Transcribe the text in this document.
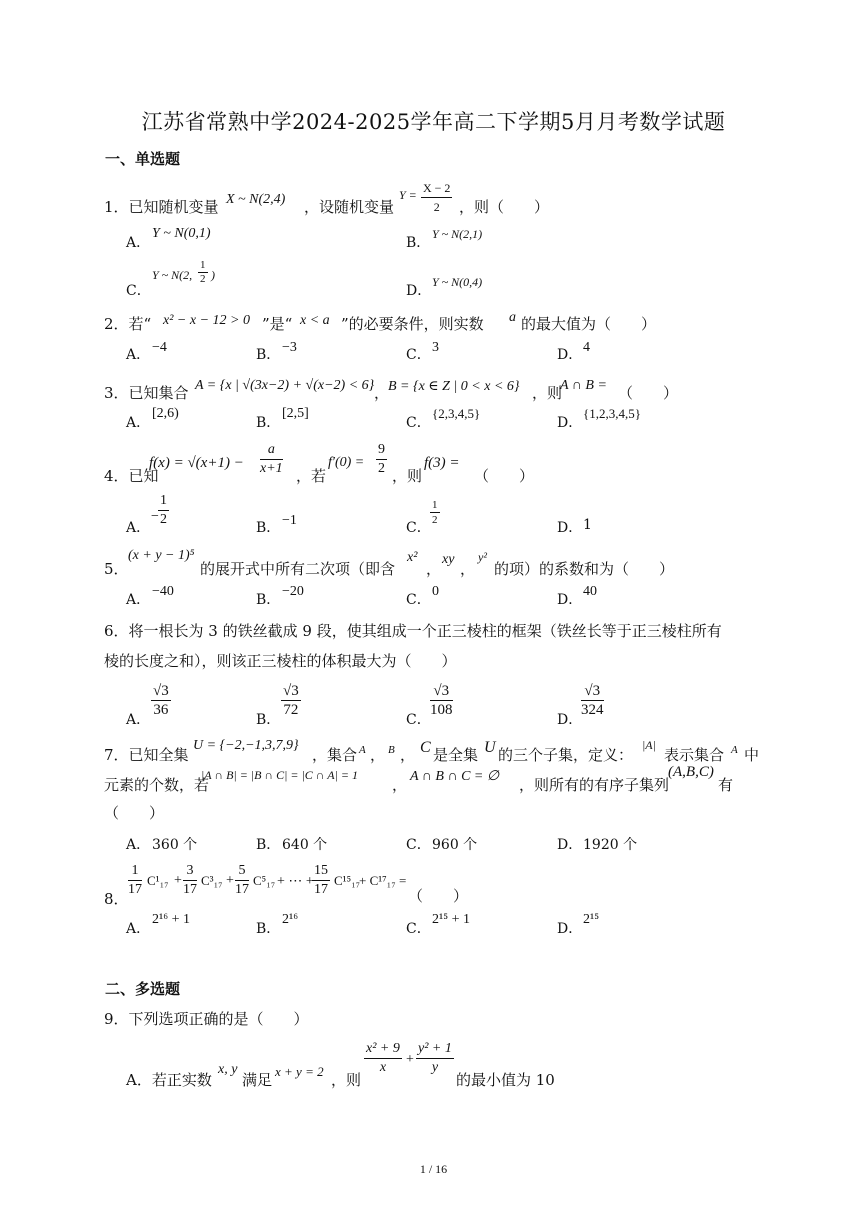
江苏省常熟中学2024-2025学年高二下学期5月月考数学试题
一、单选题
1．已知随机变量 X ~ N(2,4) ，设随机变量
$Y = \frac{X - 2}{2}$ ，则（　　）
A．
Y ~ N(0,1)
B．
Y ~ N(2,1)
C．
Y ~ N(2, $\frac{1}{2}$ )
D．
Y ~ N(0,4)
2．若“ x² − x − 12 > 0 ”是“ x < a ”的必要条件，则实数 a 的最大值为（　　）
A． −4	B． −3	C． 3	D． 4
3．已知集合 A = {x | √(3x−2) + √(x−2) < 6} ，
B = {x ∈ Z | 0 < x < 6} ，则
A ∩ B = （　　）
A．
[2,6)
B．
[2,5]
C．
{2,3,4,5}
D．
{1,2,3,4,5}
4．已知
$f(x) = √(x+1) - \frac{a}{x+1}$ ，若
$f'(0) = \frac{9}{2}$ ，则
f(3) =
（　　）
A．
− $\frac{1}{2}$	B． −1	C．
$\frac{1}{2}$
D． 1
5．
(x + y − 1)⁵
的展开式中所有二次项（即含
x²
，
xy
，
y²
的项）的系数和为（　　）
A．
−40
B．
−20
C．
0
D．
40
6．将一根长为 3 的铁丝截成 9 段，使其组成一个正三棱柱的框架（铁丝长等于正三棱柱所有
棱的长度之和），则该正三棱柱的体积最大为（　　）
A．
$\frac{√3}{36}$
B．
$\frac{√3}{72}$
C．
$\frac{√3}{108}$
D．
$\frac{√3}{324}$
7．已知全集
U = {−2,−1,3,7,9}
，集合 A ， B ， C 是全集 U 的三个子集，定义：
|A|
表示集合 A 中
元素的个数，若
|A ∩ B| = |B ∩ C| = |C ∩ A| = 1
， A ∩ B ∩ C = ∅ ，则所有的有序子集列
(A,B,C)
有
（　　）
A． 360 个	B． 640 个	C． 960 个	D． 1920 个
8． $\frac{1}{17} C^1_{17} + \frac{3}{17} C^3_{17} + \frac{5}{17} C^5_{17}$ + ⋯ +
$\frac{15}{17} C^{15}_{17}$
+ C¹⁷₁₇ =
（　　）
A．
2¹⁶ + 1
B．
2¹⁶
C．
2¹⁵ + 1
D．
2¹⁵
二、多选题
9．下列选项正确的是（　　）
A．若正实数
x, y
满足 x + y = 2 ，则
$\frac{\text{x² + 9}}{x} + \frac{\text{y² + 1}}{y}$
的最小值为 10
1 / 16
